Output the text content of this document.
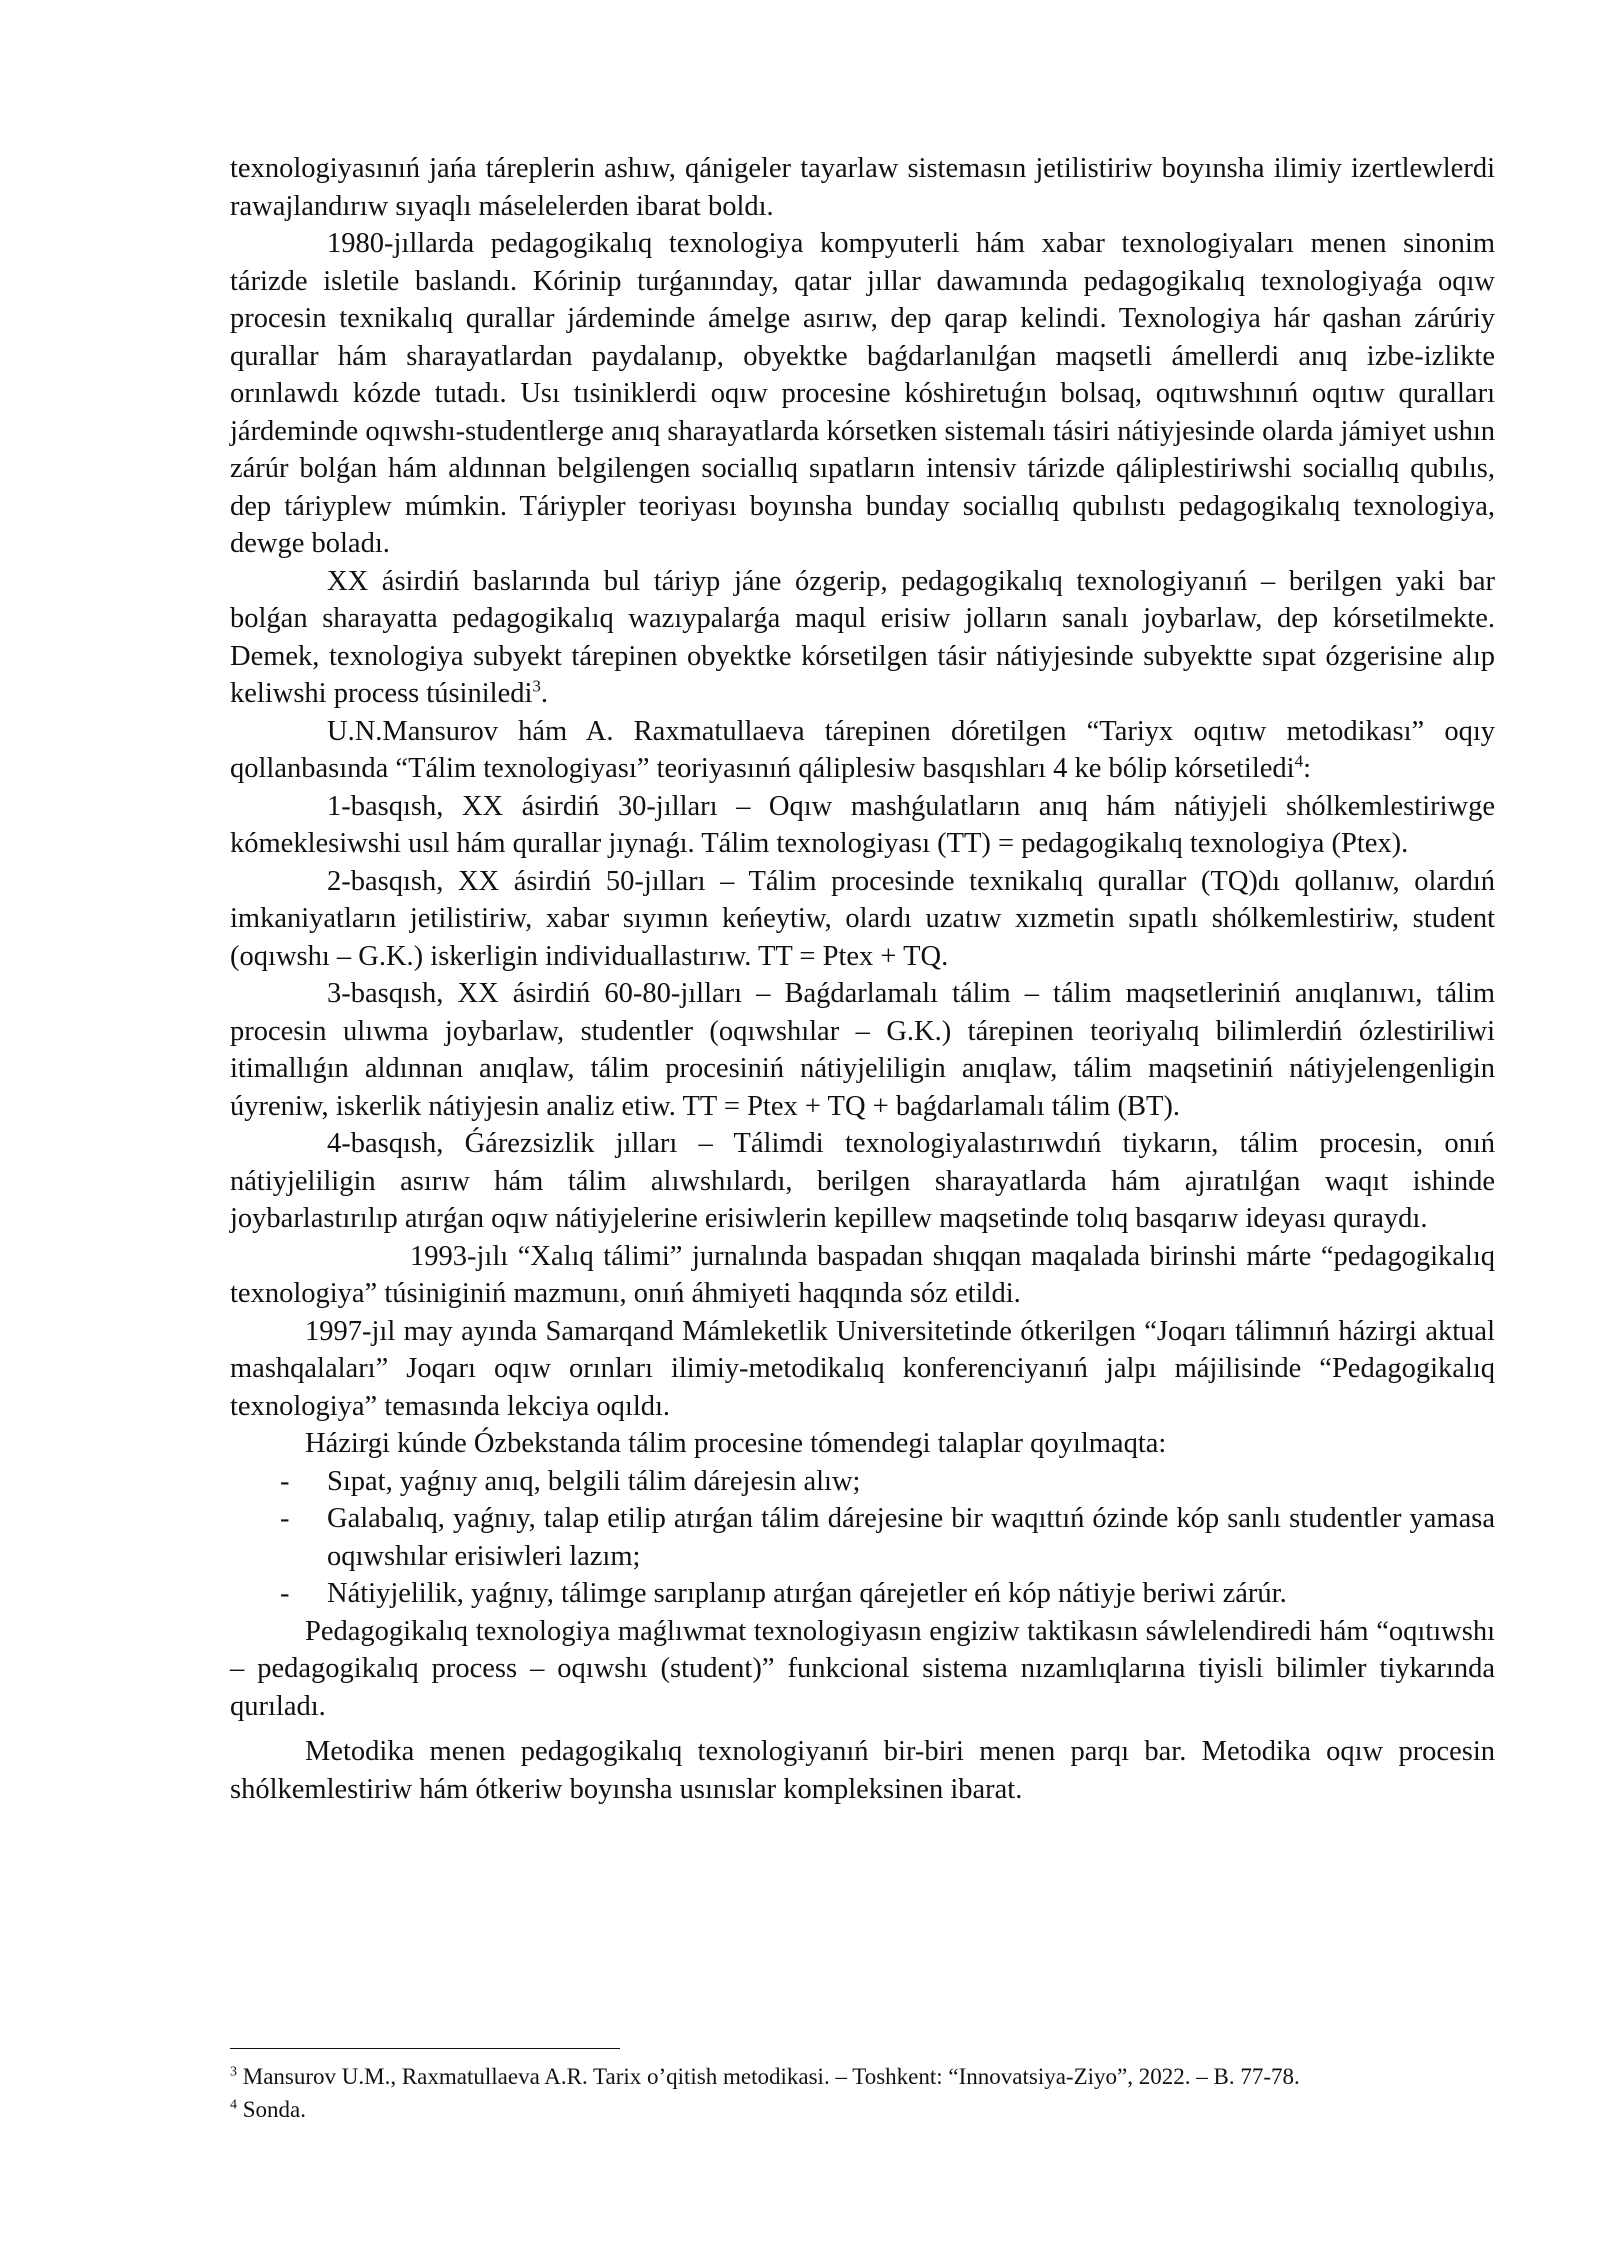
texnologiyasınıń jańa táreplerin ashıw, qánigeler tayarlaw sistemasın jetilistiriw boyınsha ilimiy izertlewlerdi rawajlandırıw sıyaqlı máselelerden ibarat boldı.

1980-jıllarda pedagogikalıq texnologiya kompyuterli hám xabar texnologiyaları menen sinonim tárizde isletile baslandı. Kórinip turǵanınday, qatar jıllar dawamında pedagogikalıq texnologiyaǵa oqıw procesin texnikalıq qurallar járdeminde ámelge asırıw, dep qarap kelindi. Texnologiya hár qashan zárúriy qurallar hám sharayatlardan paydalanıp, obyektke baǵdarlanılǵan maqsetli ámellerdi anıq izbe-izlikte orınlawdı kózde tutadı. Usı tısiniklerdi oqıw procesine kóshiretuǵın bolsaq, oqıtıwshınıń oqıtıw quralları járdeminde oqıwshı-studentlerge anıq sharayatlarda kórsetken sistemalı tásiri nátiyjesinde olarda jámiyet ushın zárúr bolǵan hám aldınnan belgilengen sociallıq sıpatların intensiv tárizde qáliplestiriwshi sociallıq qubılıs, dep táriyplew múmkin. Táriypler teoriyası boyınsha bunday sociallıq qubılıstı pedagogikalıq texnologiya, dewge boladı.

XX ásirdiń baslarında bul táriyp jáne ózgerip, pedagogikalıq texnologiyanıń – berilgen yaki bar bolǵan sharayatta pedagogikalıq wazıypalarǵa maqul erisiw jolların sanalı joybarlaw, dep kórsetilmekte. Demek, texnologiya subyekt tárepinen obyektke kórsetilgen tásir nátiyjesinde subyektte sıpat ózgerisine alıp keliwshi process túsiniledi$^3$.

U.N.Mansurov hám A. Raxmatullaeva tárepinen dóretilgen “Tariyx oqıtıw metodikası” oqıy qollanbasında “Tálim texnologiyası” teoriyasınıń qáliplesiw basqıshları 4 ke bólip kórsetiledi$^4$:

1-basqısh, XX ásirdiń 30-jılları – Oqıw mashǵulatların anıq hám nátiyjeli shólkemlestiriwge kómeklesiwshi usıl hám qurallar jıynaǵı. Tálim texnologiyası (TT) = pedagogikalıq texnologiya (Ptex).

2-basqısh, XX ásirdiń 50-jılları – Tálim procesinde texnikalıq qurallar (TQ)dı qollanıw, olardıń imkaniyatların jetilistiriw, xabar sıyımın keńeytiw, olardı uzatıw xızmetin sıpatlı shólkemlestiriw, student (oqıwshı – G.K.) iskerligin individuallastırıw. TT = Ptex + TQ.

3-basqısh, XX ásirdiń 60-80-jılları – Baǵdarlamalı tálim – tálim maqsetleriniń anıqlanıwı, tálim procesin ulıwma joybarlaw, studentler (oqıwshılar – G.K.) tárepinen teoriyalıq bilimlerdiń ózlestiriliwi itimallıǵın aldınnan anıqlaw, tálim procesiniń nátiyjeliligin anıqlaw, tálim maqsetiniń nátiyjelengenligin úyreniw, iskerlik nátiyjesin analiz etiw. TT = Ptex + TQ + baǵdarlamalı tálim (BT).

4-basqısh, Ǵárezsizlik jılları – Tálimdi texnologiyalastırıwdıń tiykarın, tálim procesin, onıń nátiyjeliligin asırıw hám tálim alıwshılardı, berilgen sharayatlarda hám ajıratılǵan waqıt ishinde joybarlastırılıp atırǵan oqıw nátiyjelerine erisiwlerin kepillew maqsetinde tolıq basqarıw ideyası quraydı.

1993-jılı “Xalıq tálimi” jurnalında baspadan shıqqan maqalada birinshi márte “pedagogikalıq texnologiya” túsiniginiń mazmunı, onıń áhmiyeti haqqında sóz etildi.

1997-jıl may ayında Samarqand Mámleketlik Universitetinde ótkerilgen “Joqarı tálimnıń házirgi aktual mashqalaları” Joqarı oqıw orınları ilimiy-metodikalıq konferenciyanıń jalpı májilisinde “Pedagogikalıq texnologiya” temasında lekciya oqıldı.

Házirgi kúnde Ózbekstanda tálim procesine tómendegi talaplar qoyılmaqta:

- Sıpat, yaǵnıy anıq, belgili tálim dárejesin alıw;
- Galabalıq, yaǵnıy, talap etilip atırǵan tálim dárejesine bir waqıttıń ózinde kóp sanlı studentler yamasa oqıwshılar erisiwleri lazım;
- Nátiyjelilik, yaǵnıy, tálimge sarıplanıp atırǵan qárejetler eń kóp nátiyje beriwi zárúr.

Pedagogikalıq texnologiya maǵlıwmat texnologiyasın engiziw taktikasın sáwlelendiredi hám “oqıtıwshı – pedagogikalıq process – oqıwshı (student)” funkcional sistema nızamlıqlarına tiyisli bilimler tiykarında qurıladı.

Metodika menen pedagogikalıq texnologiyanıń bir-biri menen parqı bar. Metodika oqıw procesin shólkemlestiriw hám ótkeriw boyınsha usınıslar kompleksinen ibarat.

$^3$ Mansurov U.M., Raxmatullaeva A.R. Tarix o’qitish metodikasi. – Toshkent: “Innovatsiya-Ziyo”, 2022. – B. 77-78.

$^4$ Sonda.
